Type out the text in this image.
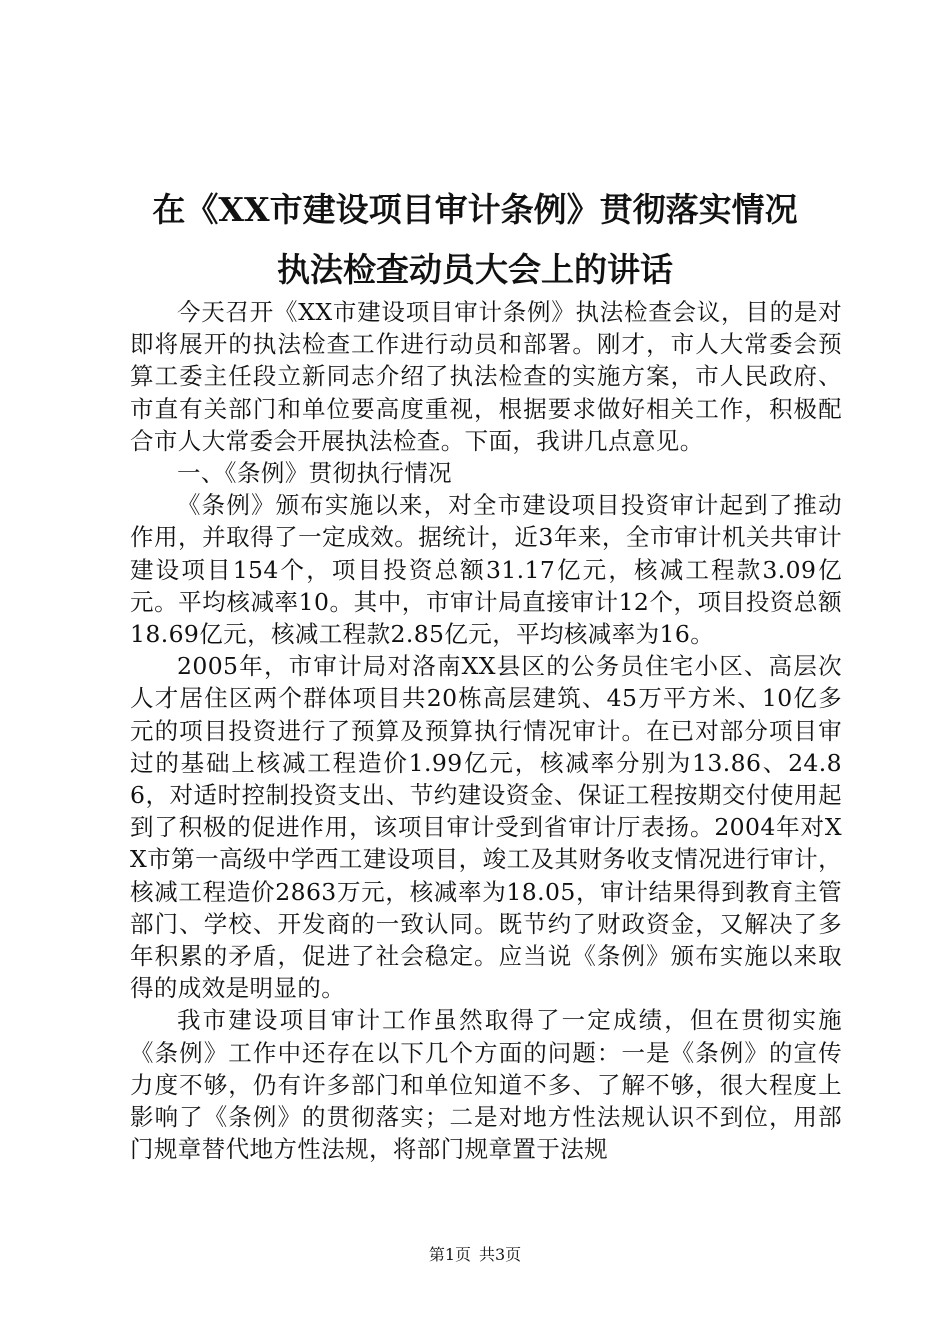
在《XX市建设项目审计条例》贯彻落实情况
执法检查动员大会上的讲话

今天召开《XX市建设项目审计条例》执法检查会议，目的是对即将展开的执法检查工作进行动员和部署。刚才，市人大常委会预算工委主任段立新同志介绍了执法检查的实施方案，市人民政府、市直有关部门和单位要高度重视，根据要求做好相关工作，积极配合市人大常委会开展执法检查。下面，我讲几点意见。

一、《条例》贯彻执行情况

《条例》颁布实施以来，对全市建设项目投资审计起到了推动作用，并取得了一定成效。据统计，近3年来，全市审计机关共审计建设项目154个，项目投资总额31.17亿元，核减工程款3.09亿元。平均核减率10。其中，市审计局直接审计12个，项目投资总额18.69亿元，核减工程款2.85亿元，平均核减率为16。

2005年，市审计局对洛南XX县区的公务员住宅小区、高层次人才居住区两个群体项目共20栋高层建筑、45万平方米、10亿多元的项目投资进行了预算及预算执行情况审计。在已对部分项目审过的基础上核减工程造价1.99亿元，核减率分别为13.86、24.86，对适时控制投资支出、节约建设资金、保证工程按期交付使用起到了积极的促进作用，该项目审计受到省审计厅表扬。2004年对XX市第一高级中学西工建设项目，竣工及其财务收支情况进行审计，核减工程造价2863万元，核减率为18.05，审计结果得到教育主管部门、学校、开发商的一致认同。既节约了财政资金，又解决了多年积累的矛盾，促进了社会稳定。应当说《条例》颁布实施以来取得的成效是明显的。

我市建设项目审计工作虽然取得了一定成绩，但在贯彻实施《条例》工作中还存在以下几个方面的问题：一是《条例》的宣传力度不够，仍有许多部门和单位知道不多、了解不够，很大程度上影响了《条例》的贯彻落实；二是对地方性法规认识不到位，用部门规章替代地方性法规，将部门规章置于法规

第1页 共3页
